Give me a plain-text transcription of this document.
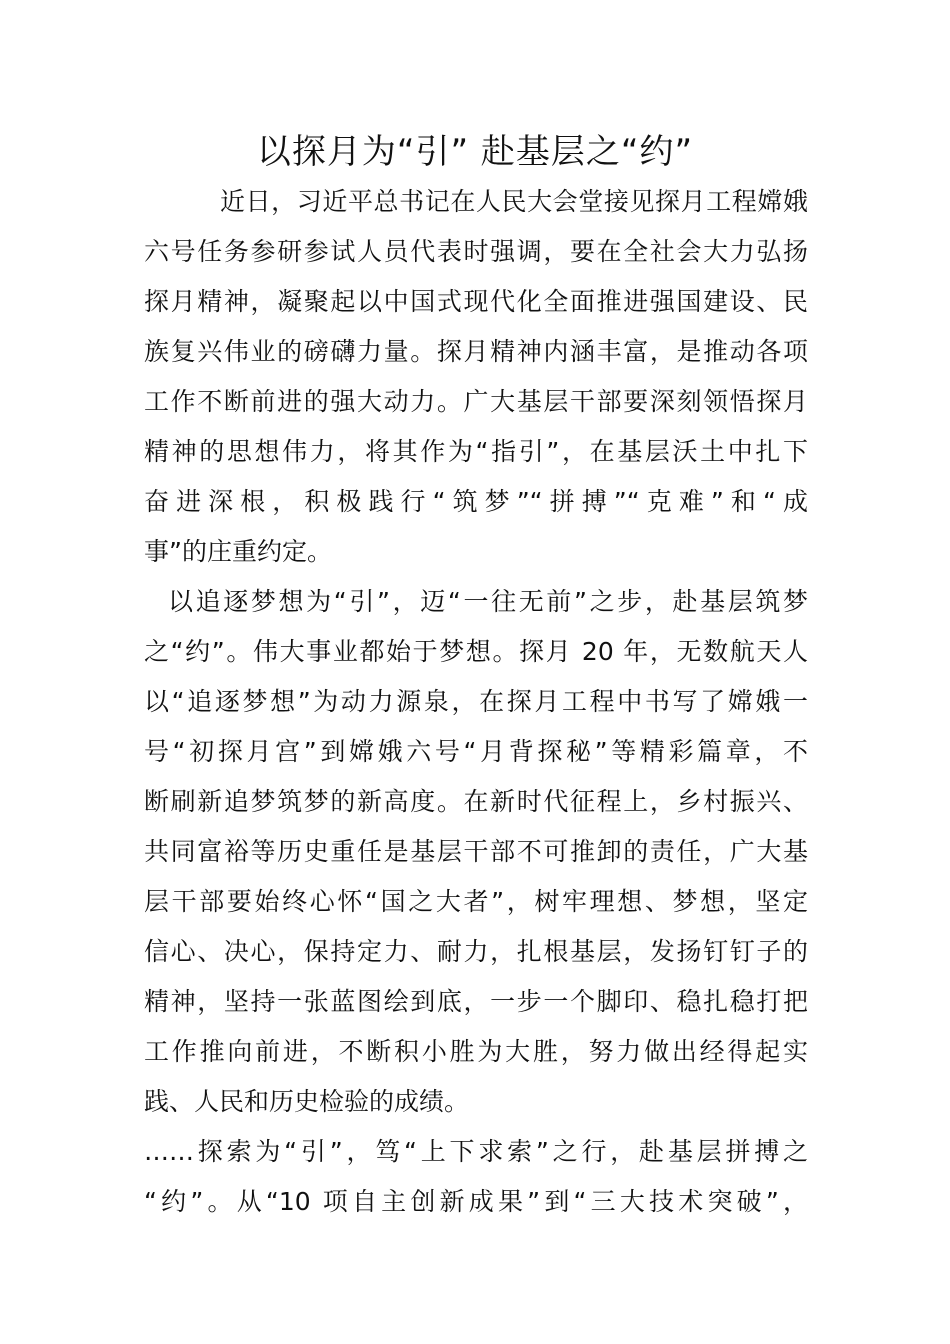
以探月为“引” 赴基层之“约”
近日，习近平总书记在人民大会堂接见探月工程嫦娥
六号任务参研参试人员代表时强调，要在全社会大力弘扬
探月精神，凝聚起以中国式现代化全面推进强国建设、民
族复兴伟业的磅礴力量。探月精神内涵丰富，是推动各项
工作不断前进的强大动力。广大基层干部要深刻领悟探月
精神的思想伟力，将其作为“指引”，在基层沃土中扎下
奋进深根，积极践行“筑梦”“拼搏”“克难”和“成
事”的庄重约定。
以追逐梦想为“引”，迈“一往无前”之步，赴基层筑梦
之“约”。伟大事业都始于梦想。探月 20 年，无数航天人
以“追逐梦想”为动力源泉，在探月工程中书写了嫦娥一
号“初探月宫”到嫦娥六号“月背探秘”等精彩篇章，不
断刷新追梦筑梦的新高度。在新时代征程上，乡村振兴、
共同富裕等历史重任是基层干部不可推卸的责任，广大基
层干部要始终心怀“国之大者”，树牢理想、梦想，坚定
信心、决心，保持定力、耐力，扎根基层，发扬钉钉子的
精神，坚持一张蓝图绘到底，一步一个脚印、稳扎稳打把
工作推向前进，不断积小胜为大胜，努力做出经得起实
践、人民和历史检验的成绩。
……探索为“引”，笃“上下求索”之行，赴基层拼搏之
“约”。从“10 项自主创新成果”到“三大技术突破”，
